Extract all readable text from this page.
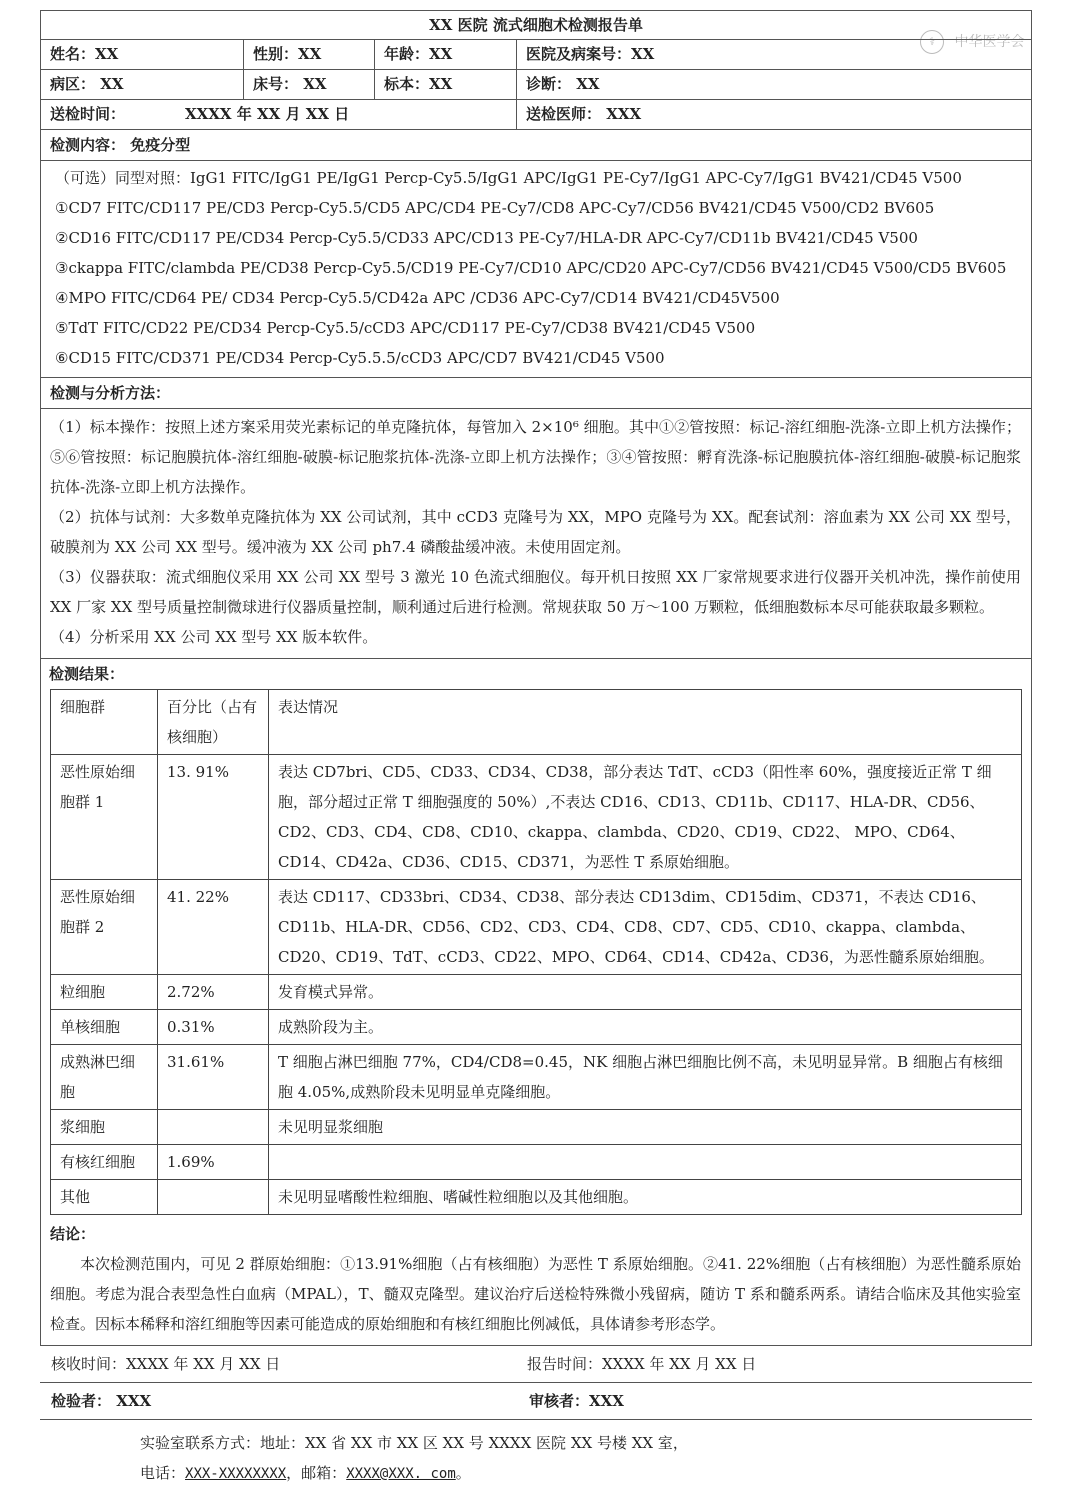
⚕ 中华医学会
XX 医院 流式细胞术检测报告单
姓名：XX	性别：XX	年龄：XX	医院及病案号：XX
病区： XX	床号： XX	标本：XX	诊断： XX
送检时间：	XXXX 年 XX 月 XX 日	送检医师： XXX
检测内容： 免疫分型
（可选）同型对照：IgG1 FITC/IgG1 PE/IgG1 Percp-Cy5.5/IgG1 APC/IgG1 PE-Cy7/IgG1 APC-Cy7/IgG1 BV421/CD45 V500
①CD7 FITC/CD117 PE/CD3 Percp-Cy5.5/CD5 APC/CD4 PE-Cy7/CD8 APC-Cy7/CD56 BV421/CD45 V500/CD2 BV605
②CD16 FITC/CD117 PE/CD34 Percp-Cy5.5/CD33 APC/CD13 PE-Cy7/HLA-DR APC-Cy7/CD11b BV421/CD45 V500
③ckappa FITC/clambda PE/CD38 Percp-Cy5.5/CD19 PE-Cy7/CD10 APC/CD20 APC-Cy7/CD56 BV421/CD45 V500/CD5 BV605
④MPO FITC/CD64 PE/ CD34 Percp-Cy5.5/CD42a APC /CD36 APC-Cy7/CD14 BV421/CD45V500
⑤TdT FITC/CD22 PE/CD34 Percp-Cy5.5/cCD3 APC/CD117 PE-Cy7/CD38 BV421/CD45 V500
⑥CD15 FITC/CD371 PE/CD34 Percp-Cy5.5.5/cCD3 APC/CD7 BV421/CD45 V500
检测与分析方法：

（1）标本操作：按照上述方案采用荧光素标记的单克隆抗体，每管加入 2×10⁶ 细胞。其中①②管按照：标记-溶红细胞-洗涤-立即上机方法操作；⑤⑥管按照：标记胞膜抗体-溶红细胞-破膜-标记胞浆抗体-洗涤-立即上机方法操作；③④管按照：孵育洗涤-标记胞膜抗体-溶红细胞-破膜-标记胞浆抗体-洗涤-立即上机方法操作。

（2）抗体与试剂：大多数单克隆抗体为 XX 公司试剂，其中 cCD3 克隆号为 XX，MPO 克隆号为 XX。配套试剂：溶血素为 XX 公司 XX 型号，破膜剂为 XX 公司 XX 型号。缓冲液为 XX 公司 ph7.4 磷酸盐缓冲液。未使用固定剂。

（3）仪器获取：流式细胞仪采用 XX 公司 XX 型号 3 激光 10 色流式细胞仪。每开机日按照 XX 厂家常规要求进行仪器开关机冲洗，操作前使用 XX 厂家 XX 型号质量控制微球进行仪器质量控制，顺利通过后进行检测。常规获取 50 万～100 万颗粒，低细胞数标本尽可能获取最多颗粒。

（4）分析采用 XX 公司 XX 型号 XX 版本软件。

检测结果：
细胞群	百分比（占有核细胞）	表达情况
恶性原始细胞群 1	13. 91%	表达 CD7bri、CD5、CD33、CD34、CD38，部分表达 TdT、cCD3（阳性率 60%，强度接近正常 T 细胞，部分超过正常 T 细胞强度的 50%）,不表达 CD16、CD13、CD11b、CD117、HLA-DR、CD56、CD2、CD3、CD4、CD8、CD10、ckappa、clambda、CD20、CD19、CD22、 MPO、CD64、CD14、CD42a、CD36、CD15、CD371，为恶性 T 系原始细胞。
恶性原始细胞群 2	41. 22%	表达 CD117、CD33bri、CD34、CD38、部分表达 CD13dim、CD15dim、CD371，不表达 CD16、CD11b、HLA-DR、CD56、CD2、CD3、CD4、CD8、CD7、CD5、CD10、ckappa、clambda、CD20、CD19、TdT、cCD3、CD22、MPO、CD64、CD14、CD42a、CD36，为恶性髓系原始细胞。
粒细胞	2.72%	发育模式异常。
单核细胞	0.31%	成熟阶段为主。
成熟淋巴细胞	31.61%	T 细胞占淋巴细胞 77%，CD4/CD8=0.45，NK 细胞占淋巴细胞比例不高，未见明显异常。B 细胞占有核细胞 4.05%,成熟阶段未见明显单克隆细胞。
浆细胞		未见明显浆细胞
有核红细胞	1.69%	
其他		未见明显嗜酸性粒细胞、嗜碱性粒细胞以及其他细胞。
结论：

本次检测范围内，可见 2 群原始细胞：①13.91%细胞（占有核细胞）为恶性 T 系原始细胞。②41. 22%细胞（占有核细胞）为恶性髓系原始细胞。考虑为混合表型急性白血病（MPAL），T、髓双克隆型。建议治疗后送检特殊微小残留病，随访 T 系和髓系两系。请结合临床及其他实验室检查。因标本稀释和溶红细胞等因素可能造成的原始细胞和有核红细胞比例减低，具体请参考形态学。

核收时间：XXXX 年 XX 月 XX 日	报告时间：XXXX 年 XX 月 XX 日
检验者： XXX	审核者：XXX
实验室联系方式：地址：XX 省 XX 市 XX 区 XX 号 XXXX 医院 XX 号楼 XX 室，
电话：XXX-XXXXXXXX，邮箱：XXXX@XXX. com。
